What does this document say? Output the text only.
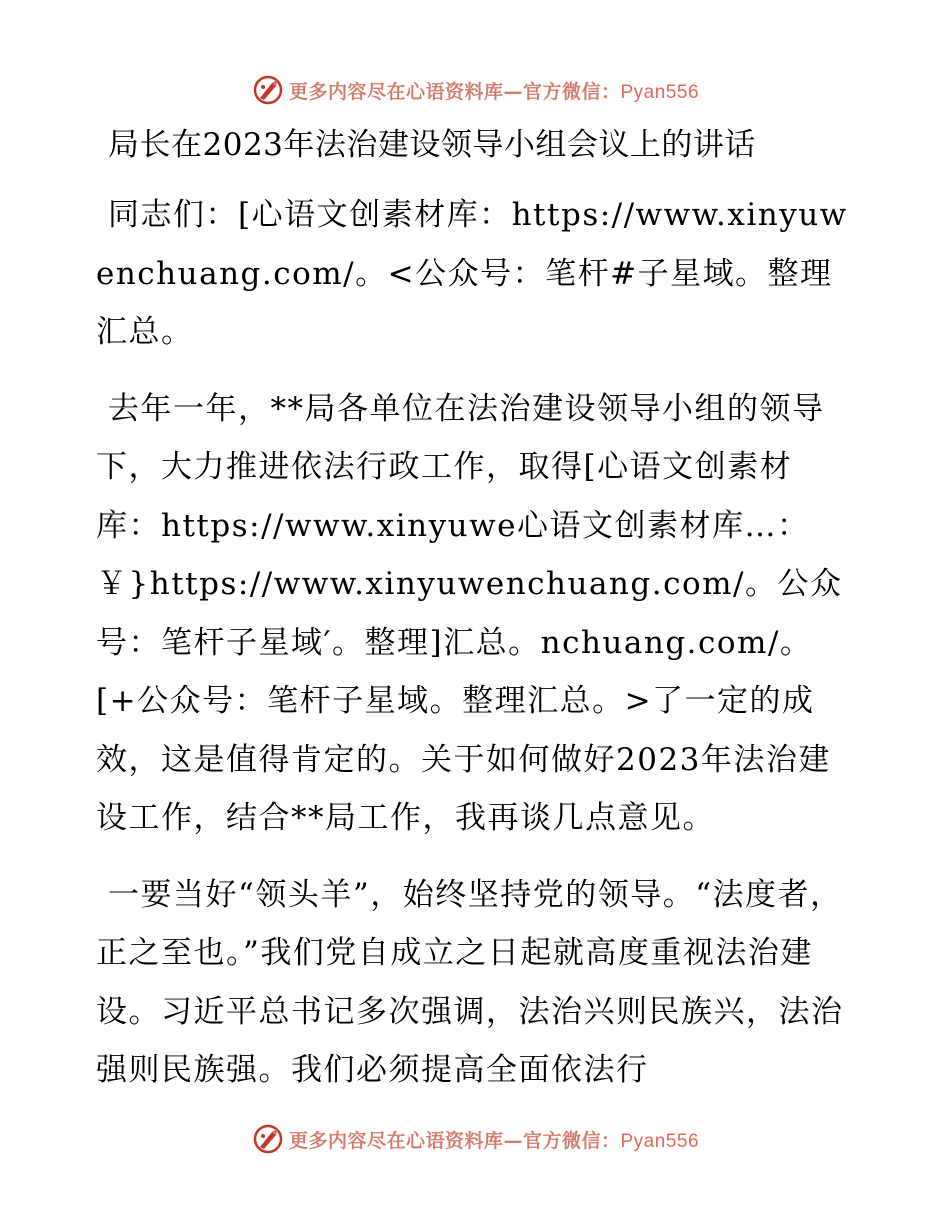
更多内容尽在心语资料库—官方微信：Pyan556
局长在2023年法治建设领导小组会议上的讲话

同志们：[心语文创素材库：https://www.xinyuwenchuang.com/。<公众号：笔杆#子星域。整理汇总。

去年一年，**局各单位在法治建设领导小组的领导下，大力推进依法行政工作，取得[心语文创素材库：https://www.xinyuwe心语文创素材库…：￥}https://www.xinyuwenchuang.com/。公众号：笔杆子星域′。整理]汇总。nchuang.com/。[+公众号：笔杆子星域。整理汇总。>了一定的成效，这是值得肯定的。关于如何做好2023年法治建设工作，结合**局工作，我再谈几点意见。

一要当好“领头羊”，始终坚持党的领导。“法度者，正之至也。”我们党自成立之日起就高度重视法治建设。习近平总书记多次强调，法治兴则民族兴，法治强则民族强。我们必须提高全面依法行

更多内容尽在心语资料库—官方微信：Pyan556
